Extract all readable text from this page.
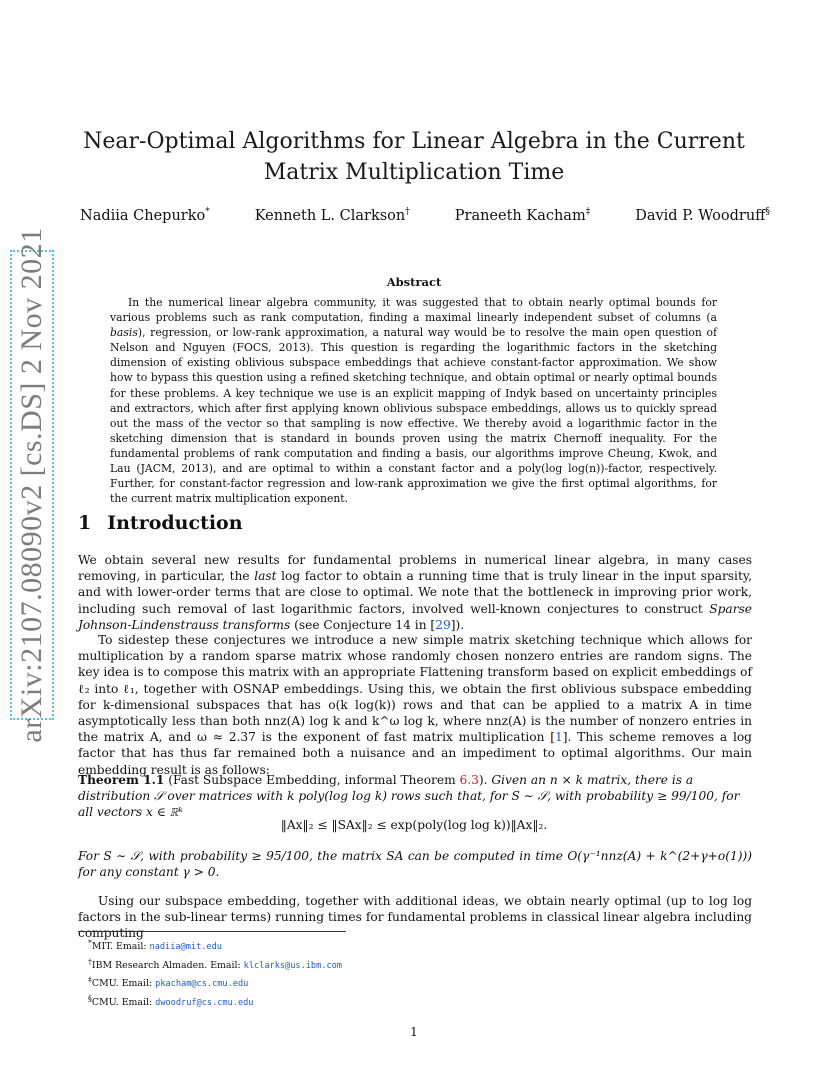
arXiv:2107.08090v2 [cs.DS] 2 Nov 2021
Near-Optimal Algorithms for Linear Algebra in the Current
Matrix Multiplication Time
Nadiia Chepurko*	Kenneth L. Clarkson†	Praneeth Kacham‡	David P. Woodruff§
Abstract
In the numerical linear algebra community, it was suggested that to obtain nearly optimal bounds for various problems such as rank computation, finding a maximal linearly independent subset of columns (a basis), regression, or low-rank approximation, a natural way would be to resolve the main open question of Nelson and Nguyen (FOCS, 2013). This question is regarding the logarithmic factors in the sketching dimension of existing oblivious subspace embeddings that achieve constant-factor approximation. We show how to bypass this question using a refined sketching technique, and obtain optimal or nearly optimal bounds for these problems. A key technique we use is an explicit mapping of Indyk based on uncertainty principles and extractors, which after first applying known oblivious subspace embeddings, allows us to quickly spread out the mass of the vector so that sampling is now effective. We thereby avoid a logarithmic factor in the sketching dimension that is standard in bounds proven using the matrix Chernoff inequality. For the fundamental problems of rank computation and finding a basis, our algorithms improve Cheung, Kwok, and Lau (JACM, 2013), and are optimal to within a constant factor and a poly(log log(n))-factor, respectively. Further, for constant-factor regression and low-rank approximation we give the first optimal algorithms, for the current matrix multiplication exponent.
1 Introduction
We obtain several new results for fundamental problems in numerical linear algebra, in many cases removing, in particular, the last log factor to obtain a running time that is truly linear in the input sparsity, and with lower-order terms that are close to optimal. We note that the bottleneck in improving prior work, including such removal of last logarithmic factors, involved well-known conjectures to construct Sparse Johnson-Lindenstrauss transforms (see Conjecture 14 in [29]).
To sidestep these conjectures we introduce a new simple matrix sketching technique which allows for multiplication by a random sparse matrix whose randomly chosen nonzero entries are random signs. The key idea is to compose this matrix with an appropriate Flattening transform based on explicit embeddings of ℓ₂ into ℓ₁, together with OSNAP embeddings. Using this, we obtain the first oblivious subspace embedding for k-dimensional subspaces that has o(k log(k)) rows and that can be applied to a matrix A in time asymptotically less than both nnz(A) log k and k^ω log k, where nnz(A) is the number of nonzero entries in the matrix A, and ω ≈ 2.37 is the exponent of fast matrix multiplication [1]. This scheme removes a log factor that has thus far remained both a nuisance and an impediment to optimal algorithms. Our main embedding result is as follows:
Theorem 1.1 (Fast Subspace Embedding, informal Theorem 6.3). Given an n × k matrix, there is a distribution 𝒮 over matrices with k poly(log log k) rows such that, for S ∼ 𝒮, with probability ≥ 99/100, for all vectors x ∈ ℝᵏ
‖Ax‖₂ ≤ ‖SAx‖₂ ≤ exp(poly(log log k))‖Ax‖₂.
For S ∼ 𝒮, with probability ≥ 95/100, the matrix SA can be computed in time O(γ⁻¹nnz(A) + k^(2+γ+o(1))) for any constant γ > 0.
Using our subspace embedding, together with additional ideas, we obtain nearly optimal (up to log log factors in the sub-linear terms) running times for fundamental problems in classical linear algebra including computing
*MIT. Email: nadiia@mit.edu
†IBM Research Almaden. Email: klclarks@us.ibm.com
‡CMU. Email: pkacham@cs.cmu.edu
§CMU. Email: dwoodruf@cs.cmu.edu
1
